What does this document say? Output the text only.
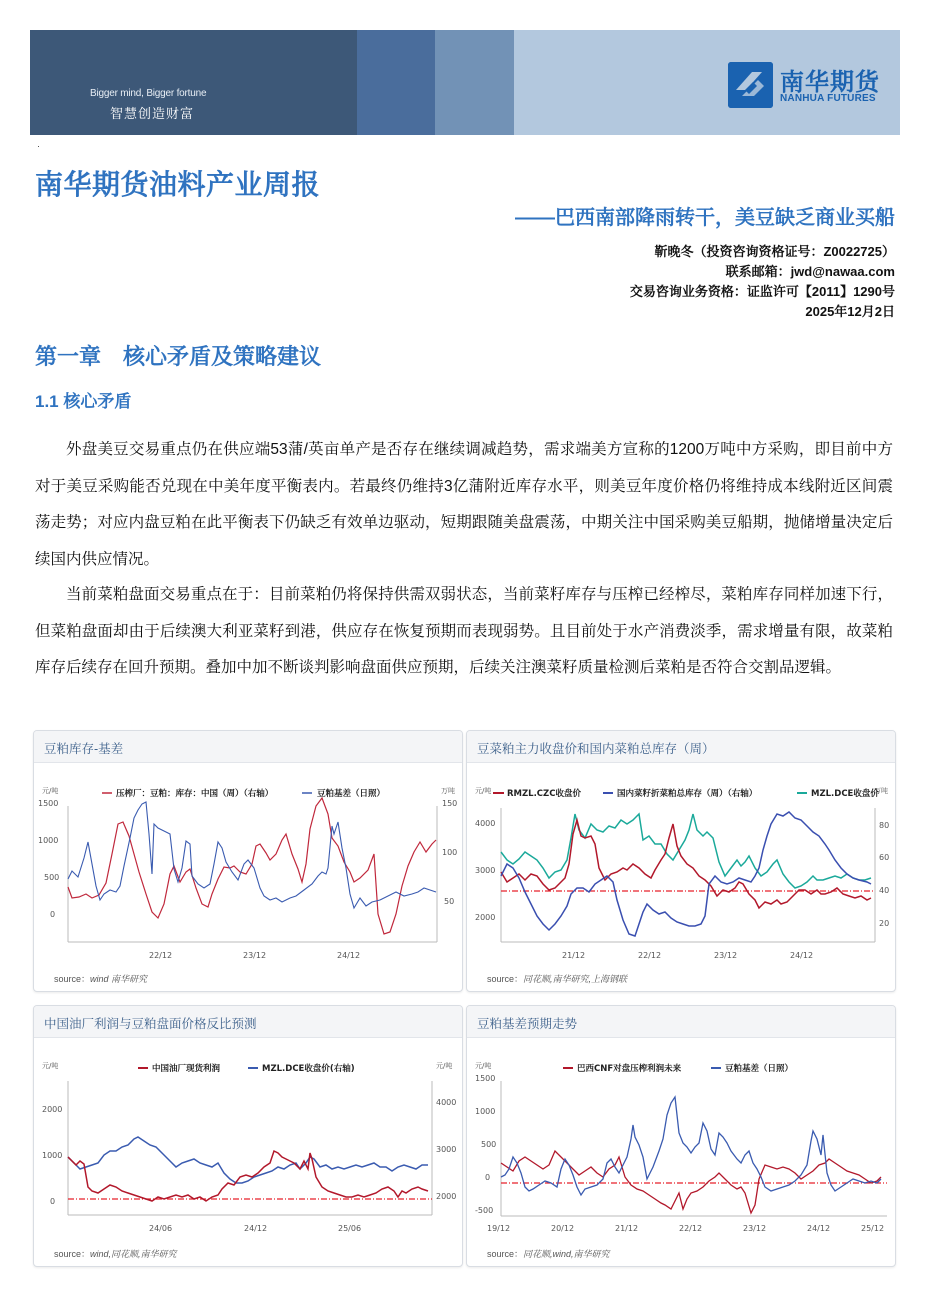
Bigger mind, Bigger fortune
智慧创造财富
南华期货
NANHUA FUTURES
·
南华期货油料产业周报
——巴西南部降雨转干，美豆缺乏商业买船
靳晚冬（投资咨询资格证号：Z0022725）
联系邮箱：jwd@nawaa.com
交易咨询业务资格：证监许可【2011】1290号
2025年12月2日
第一章　核心矛盾及策略建议
1.1 核心矛盾

外盘美豆交易重点仍在供应端53蒲/英亩单产是否存在继续调减趋势，需求端美方宣称的1200万吨中方采购，即目前中方对于美豆采购能否兑现在中美年度平衡表内。若最终仍维持3亿蒲附近库存水平，则美豆年度价格仍将维持成本线附近区间震荡走势；对应内盘豆粕在此平衡表下仍缺乏有效单边驱动，短期跟随美盘震荡，中期关注中国采购美豆船期，抛储增量决定后续国内供应情况。

当前菜粕盘面交易重点在于：目前菜粕仍将保持供需双弱状态，当前菜籽库存与压榨已经榨尽，菜粕库存同样加速下行，但菜粕盘面却由于后续澳大利亚菜籽到港，供应存在恢复预期而表现弱势。且目前处于水产消费淡季，需求增量有限，故菜粕库存后续存在回升预期。叠加中加不断谈判影响盘面供应预期，后续关注澳菜籽质量检测后菜粕是否符合交割品逻辑。

豆粕库存-基差
元/吨	万吨
压榨厂：豆粕：库存：中国（周）（右轴）	豆粕基差（日照）
1500
1000
500
0
150
100
50
22/12	23/12	24/12
source：wind 南华研究
豆菜粕主力收盘价和国内菜粕总库存（周）
元/吨	万吨
RMZL.CZC收盘价	国内菜籽折菜粕总库存（周）（右轴）	MZL.DCE收盘价
4000
3000
2000
80
60
40
20
21/12	22/12	23/12	24/12
source：同花顺,南华研究,上海钢联
中国油厂利润与豆粕盘面价格反比预测
元/吨	元/吨
中国油厂现货利润	MZL.DCE收盘价(右轴)
2000
1000
0
4000
3000
2000
24/06	24/12	25/06
source：wind,同花顺,南华研究
豆粕基差预期走势
元/吨	巴西CNF对盘压榨利润未来	豆粕基差（日照）
1500
1000
500
0
-500
19/12	20/12	21/12	22/12	23/12	24/12	25/12
source：同花顺,wind,南华研究
